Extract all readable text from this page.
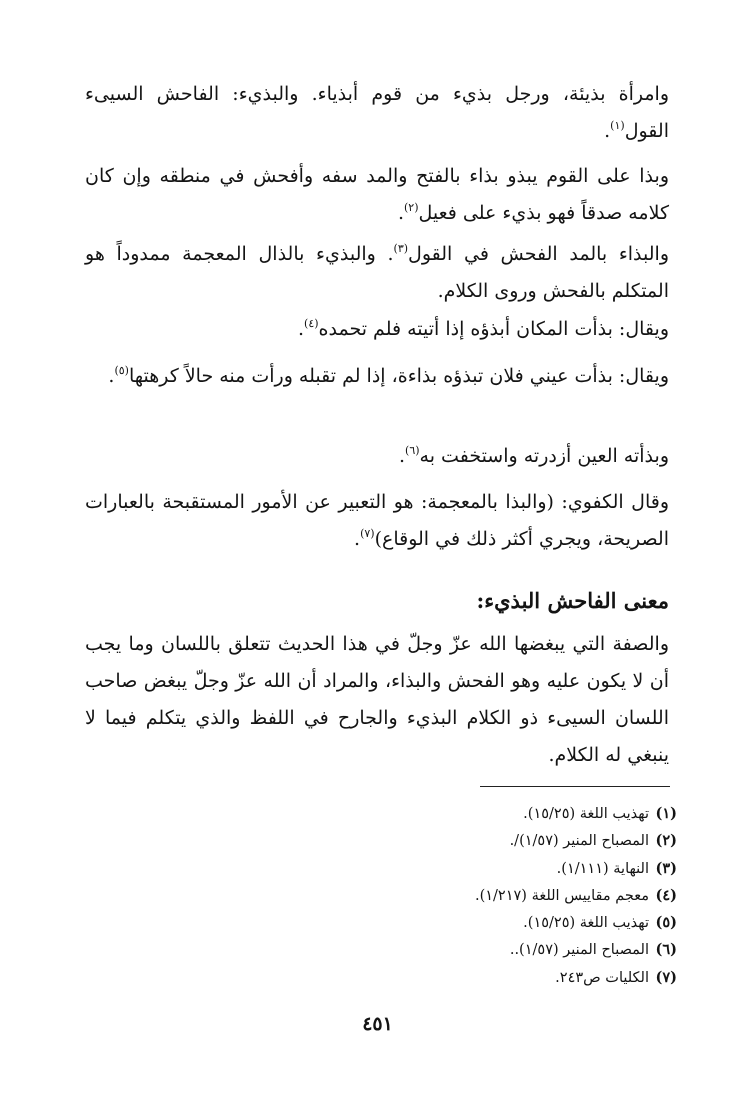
وامرأة بذيئة، ورجل بذيء من قوم أبذياء. والبذيء: الفاحش السيىء القول$^{(١)}$.

وبذا على القوم يبذو بذاء بالفتح والمد سفه وأفحش في منطقه وإن كان كلامه صدقاً فهو بذيء على فعيل$^{(٢)}$.

والبذاء بالمد الفحش في القول$^{(٣)}$. والبذيء بالذال المعجمة ممدوداً هو المتكلم بالفحش وروى الكلام.

ويقال: بذأت المكان أبذؤه إذا أتيته فلم تحمده$^{(٤)}$.

ويقال: بذأت عيني فلان تبذؤه بذاءة، إذا لم تقبله ورأت منه حالاً كرهتها$^{(٥)}$.

وبذأته العين أزدرته واستخفت به$^{(٦)}$.

وقال الكفوي: (والبذا بالمعجمة: هو التعبير عن الأمور المستقبحة بالعبارات الصريحة، ويجري أكثر ذلك في الوقاع)$^{(٧)}$.

معنى الفاحش البذيء:

والصفة التي يبغضها الله عزّ وجلّ في هذا الحديث تتعلق باللسان وما يجب أن لا يكون عليه وهو الفحش والبذاء، والمراد أن الله عزّ وجلّ يبغض صاحب اللسان السيىء ذو الكلام البذيء والجارح في اللفظ والذي يتكلم فيما لا ينبغي له الكلام.

(١)تهذيب اللغة (١٥/٢٥).
(٢)المصباح المنير (١/٥٧)/.
(٣)النهاية (١/١١١).
(٤)معجم مقاييس اللغة (١/٢١٧).
(٥)تهذيب اللغة (١٥/٢٥).
(٦)المصباح المنير (١/٥٧)..
(٧)الكليات ص٢٤٣.
٤٥١
